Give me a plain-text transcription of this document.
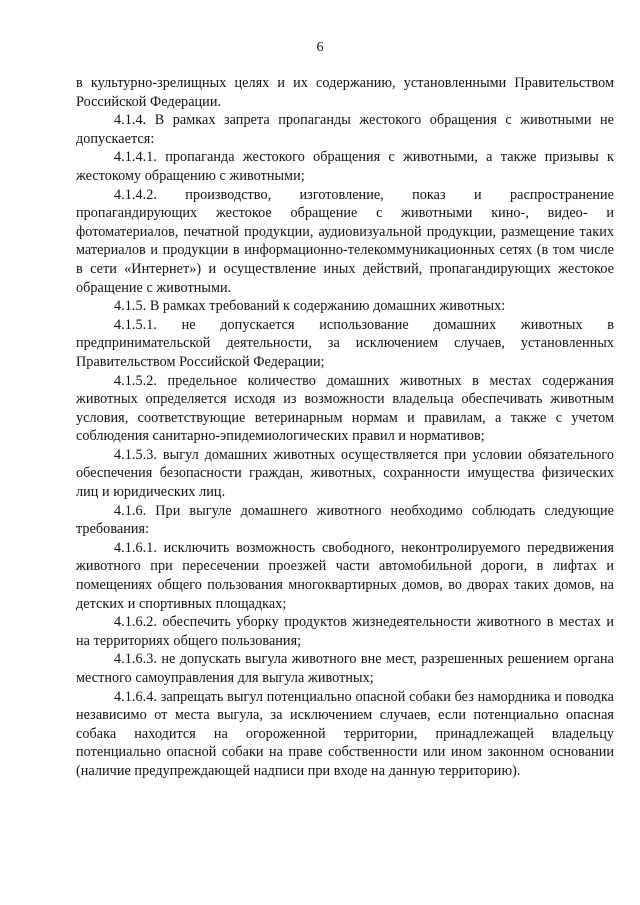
6

в культурно-зрелищных целях и их содержанию, установленными Правительством Российской Федерации.

4.1.4. В рамках запрета пропаганды жестокого обращения с животными не допускается:

4.1.4.1. пропаганда жестокого обращения с животными, а также призывы к жестокому обращению с животными;

4.1.4.2. производство, изготовление, показ и распространение пропагандирующих жестокое обращение с животными кино-, видео- и фотоматериалов, печатной продукции, аудиовизуальной продукции, размещение таких материалов и продукции в информационно-телекоммуникационных сетях (в том числе в сети «Интернет») и осуществление иных действий, пропагандирующих жестокое обращение с животными.

4.1.5. В рамках требований к содержанию домашних животных:

4.1.5.1. не допускается использование домашних животных в предпринимательской деятельности, за исключением случаев, установленных Правительством Российской Федерации;

4.1.5.2. предельное количество домашних животных в местах содержания животных определяется исходя из возможности владельца обеспечивать животным условия, соответствующие ветеринарным нормам и правилам, а также с учетом соблюдения санитарно-эпидемиологических правил и нормативов;

4.1.5.3. выгул домашних животных осуществляется при условии обязательного обеспечения безопасности граждан, животных, сохранности имущества физических лиц и юридических лиц.

4.1.6. При выгуле домашнего животного необходимо соблюдать следующие требования:

4.1.6.1. исключить возможность свободного, неконтролируемого передвижения животного при пересечении проезжей части автомобильной дороги, в лифтах и помещениях общего пользования многоквартирных домов, во дворах таких домов, на детских и спортивных площадках;

4.1.6.2. обеспечить уборку продуктов жизнедеятельности животного в местах и на территориях общего пользования;

4.1.6.3. не допускать выгула животного вне мест, разрешенных решением органа местного самоуправления для выгула животных;

4.1.6.4. запрещать выгул потенциально опасной собаки без намордника и поводка независимо от места выгула, за исключением случаев, если потенциально опасная собака находится на огороженной территории, принадлежащей владельцу потенциально опасной собаки на праве собственности или ином законном основании (наличие предупреждающей надписи при входе на данную территорию).
